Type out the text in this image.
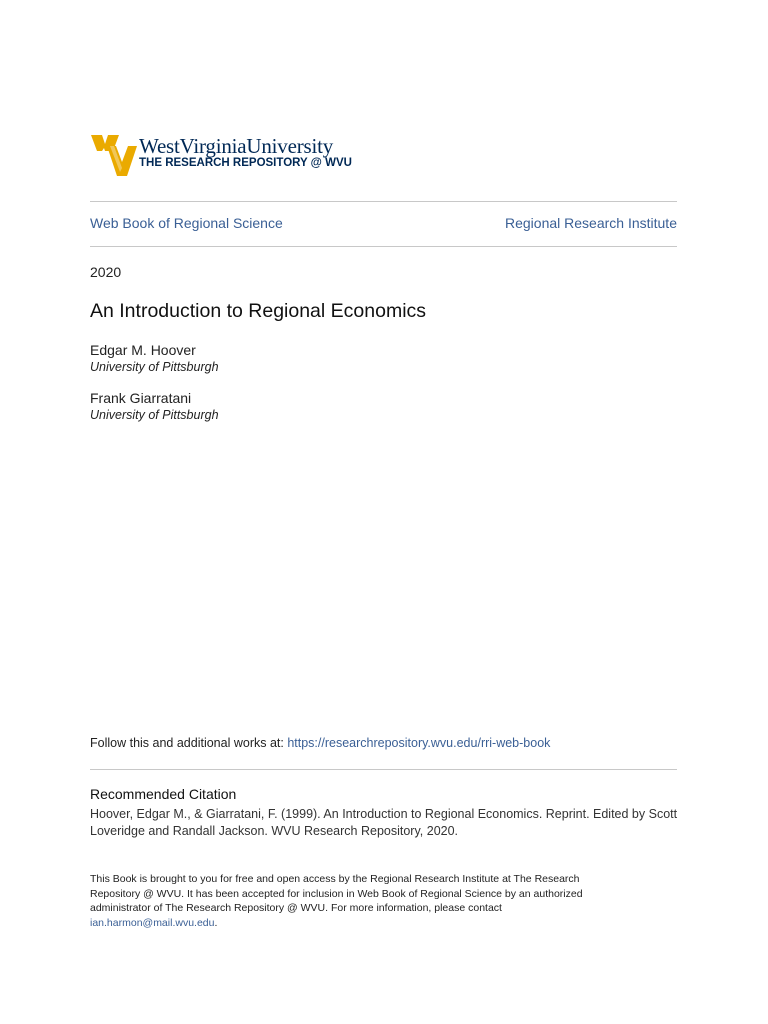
WestVirginiaUniversity
THE RESEARCH REPOSITORY @ WVU
Web Book of Regional Science	Regional Research Institute
2020
An Introduction to Regional Economics
Edgar M. Hoover
University of Pittsburgh
Frank Giarratani
University of Pittsburgh
Follow this and additional works at: https://researchrepository.wvu.edu/rri-web-book
Recommended Citation
Hoover, Edgar M., & Giarratani, F. (1999). An Introduction to Regional Economics. Reprint. Edited by Scott Loveridge and Randall Jackson. WVU Research Repository, 2020.
This Book is brought to you for free and open access by the Regional Research Institute at The Research Repository @ WVU. It has been accepted for inclusion in Web Book of Regional Science by an authorized administrator of The Research Repository @ WVU. For more information, please contact ian.harmon@mail.wvu.edu.
